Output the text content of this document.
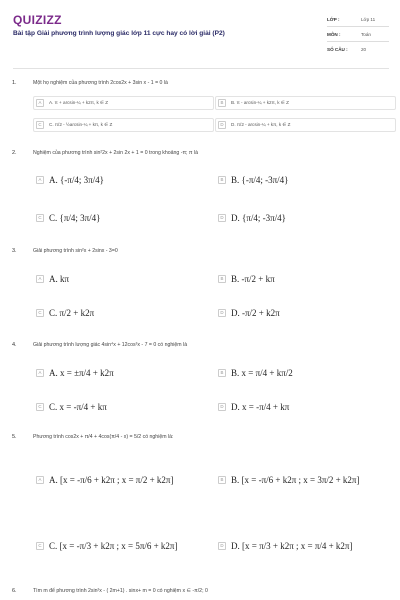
QUIZIZZ
Bài tập Giải phương trình lượng giác lớp 11 cực hay có lời giải (P2)
LỚP :	Lớp 11
MÔN :	Toán
SỐ CÂU :	20
1.	Một họ nghiệm của phương trình 2cos2x + 3sin x - 1 = 0 là
A	A. π + arcsin-¼ + k2π, k ∈ Z	B	B. π - arcsin-¼ + k2π, k ∈ Z
C	C. π/2 - ½arcsin-¼ + kπ, k ∈ Z	D	D. π/2 - arcsin-¼ + kπ, k ∈ Z
2.	Nghiệm của phương trình sin²2x + 2sin 2x + 1 = 0 trong khoảng -π; π là
A A. {-π/4; 3π/4}	B B. {-π/4; -3π/4}
C C. {π/4; 3π/4}	D D. {π/4; -3π/4}
3.	Giải phương trình sin²x + 2sinx - 3=0
A A. kπ	B B. -π/2 + kπ
C C. π/2 + k2π	D D. -π/2 + k2π
4.	Giải phương trình lượng giác 4sin⁴x + 12cos²x - 7 = 0 có nghiệm là
A A. x = ±π/4 + k2π	B B. x = π/4 + kπ/2
C C. x = -π/4 + kπ	D D. x = -π/4 + kπ
5.	Phương trình cos2x + π/4 + 4cos(π/4 - x) = 5/2 có nghiệm là:
A A. [x = -π/6 + k2π ; x = π/2 + k2π]	B B. [x = -π/6 + k2π ; x = 3π/2 + k2π]
C C. [x = -π/3 + k2π ; x = 5π/6 + k2π]	D D. [x = π/3 + k2π ; x = π/4 + k2π]
6.	Tìm m để phương trình 2sin²x - ( 2m+1) . sinx+ m = 0 có nghiệm x ∈ -π/2; 0
